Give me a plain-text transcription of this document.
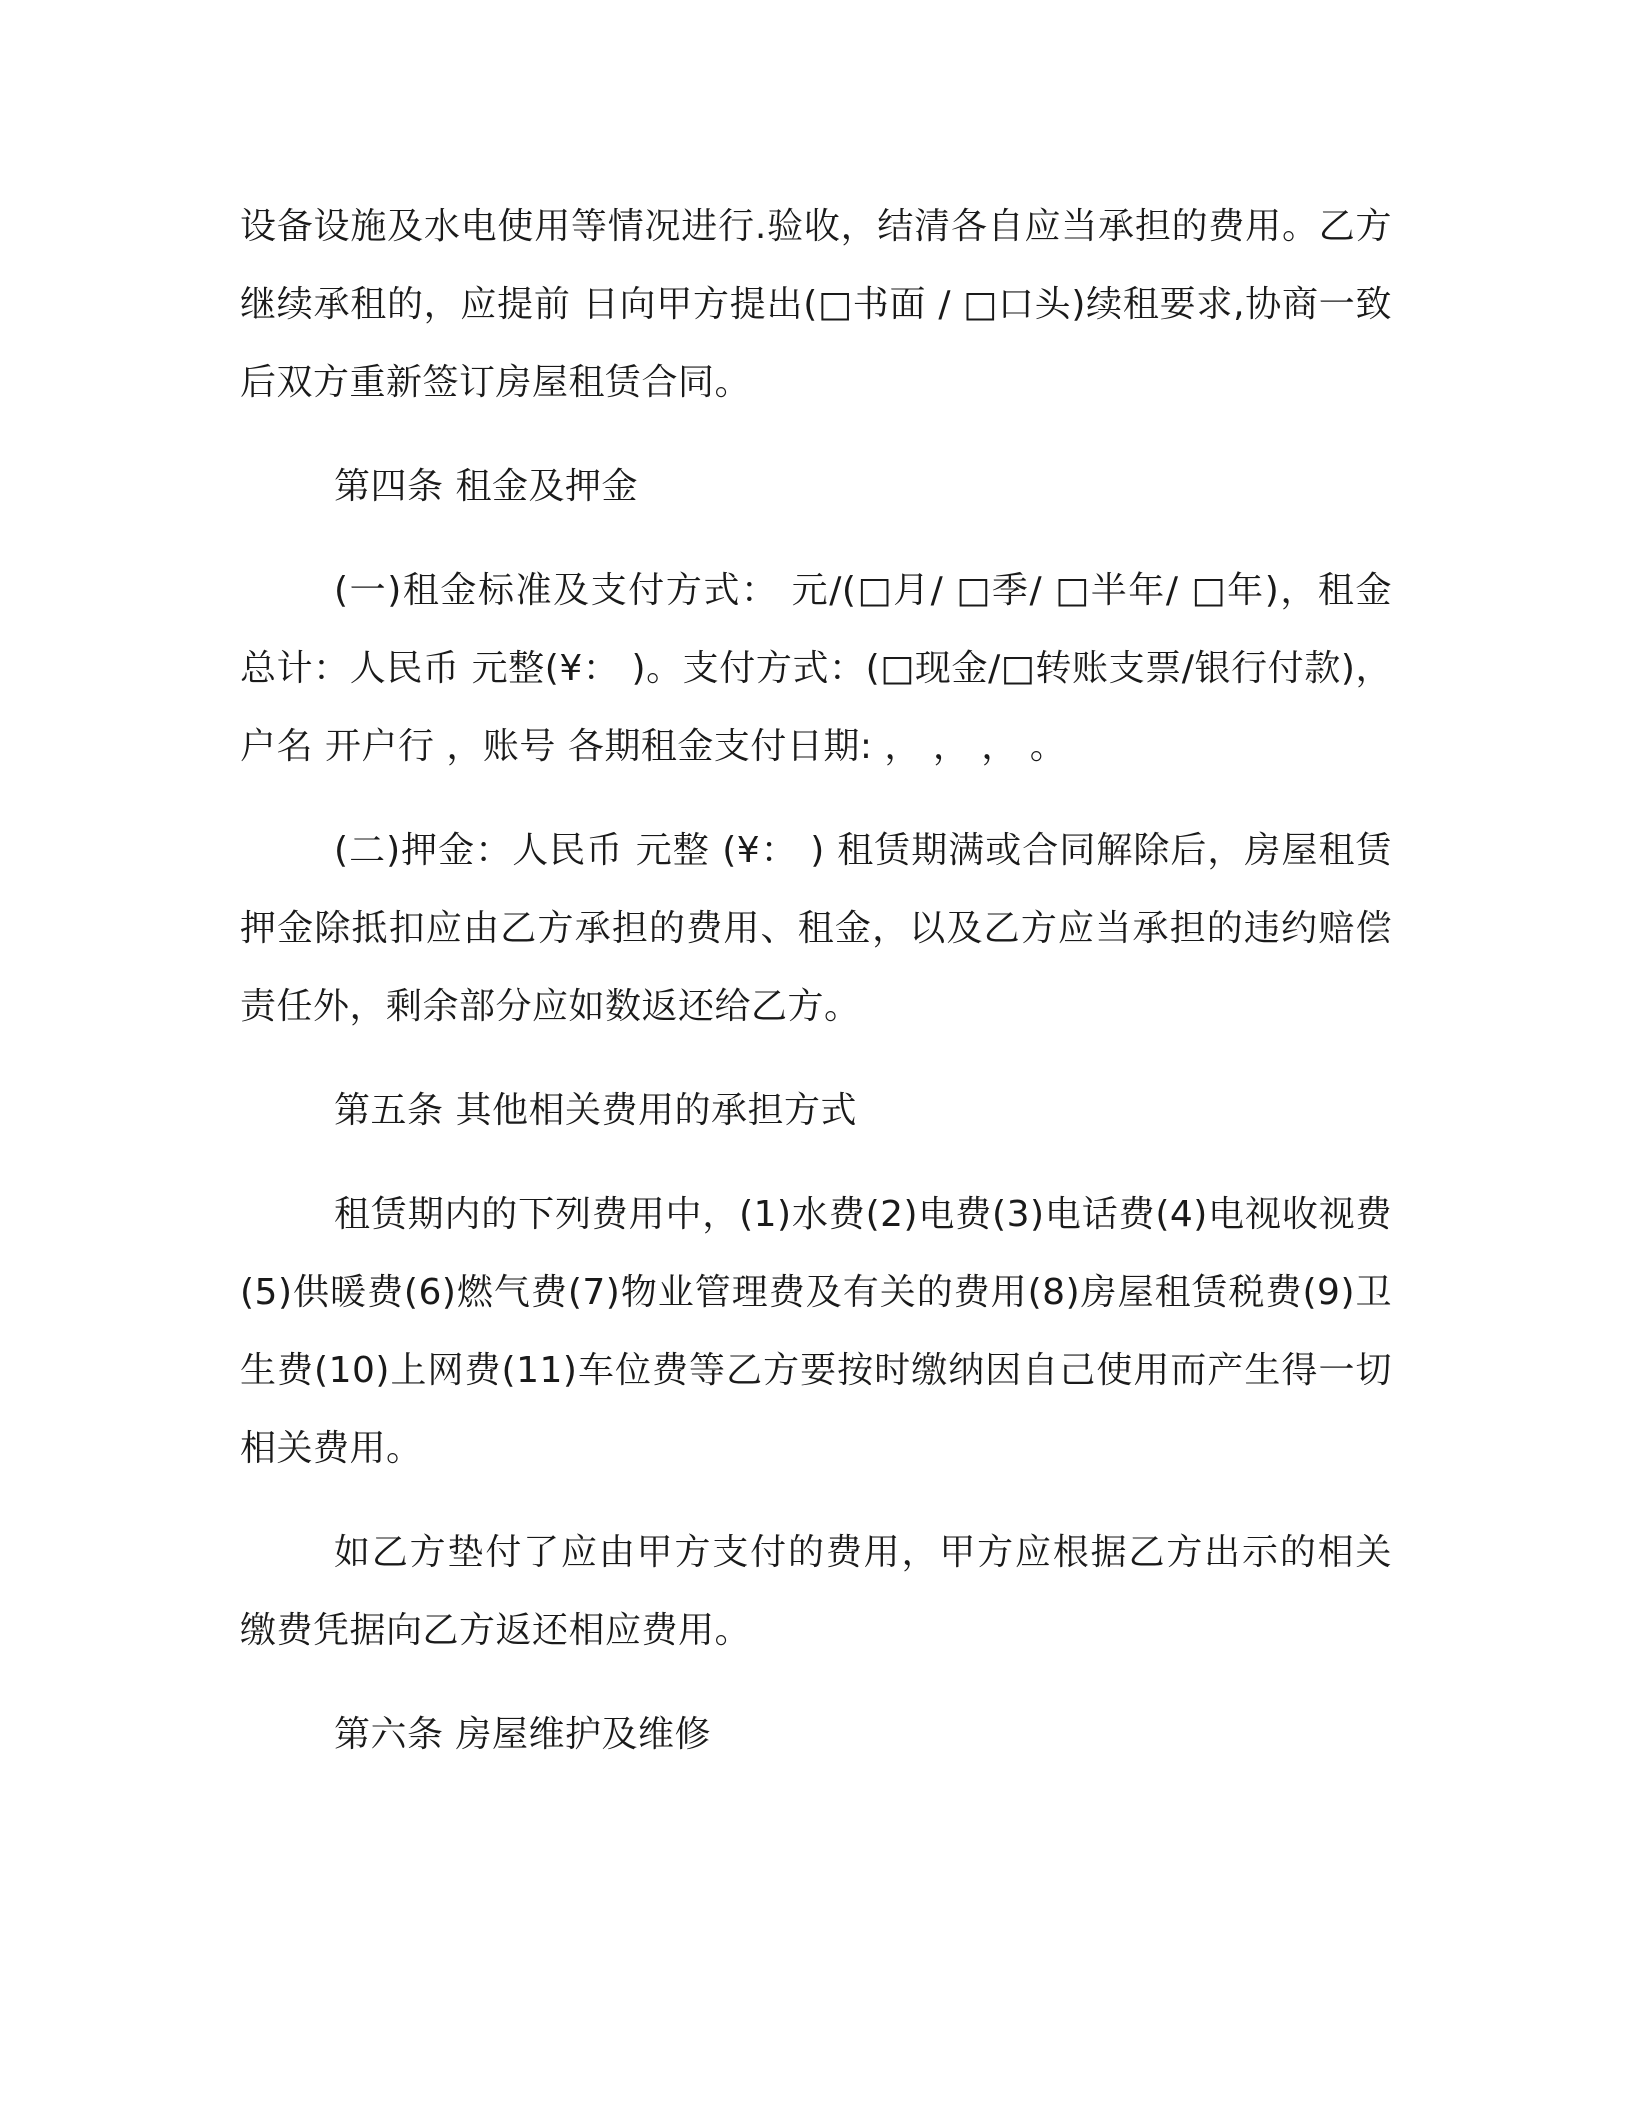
设备设施及水电使用等情况进行.验收，结清各自应当承担的费用。乙方继续承租的，应提前 日向甲方提出(□书面 / □口头)续租要求,协商一致后双方重新签订房屋租赁合同。

第四条 租金及押金

(一)租金标准及支付方式： 元/(□月/ □季/ □半年/ □年)，租金总计：人民币 元整(¥： )。支付方式：(□现金/□转账支票/银行付款)，户名 开户行 ，账号 各期租金支付日期: ， ， ， 。

(二)押金：人民币 元整 (¥： ) 租赁期满或合同解除后，房屋租赁押金除抵扣应由乙方承担的费用、租金，以及乙方应当承担的违约赔偿责任外，剩余部分应如数返还给乙方。

第五条 其他相关费用的承担方式

租赁期内的下列费用中，(1)水费(2)电费(3)电话费(4)电视收视费(5)供暖费(6)燃气费(7)物业管理费及有关的费用(8)房屋租赁税费(9)卫生费(10)上网费(11)车位费等乙方要按时缴纳因自己使用而产生得一切相关费用。

如乙方垫付了应由甲方支付的费用，甲方应根据乙方出示的相关缴费凭据向乙方返还相应费用。

第六条 房屋维护及维修
